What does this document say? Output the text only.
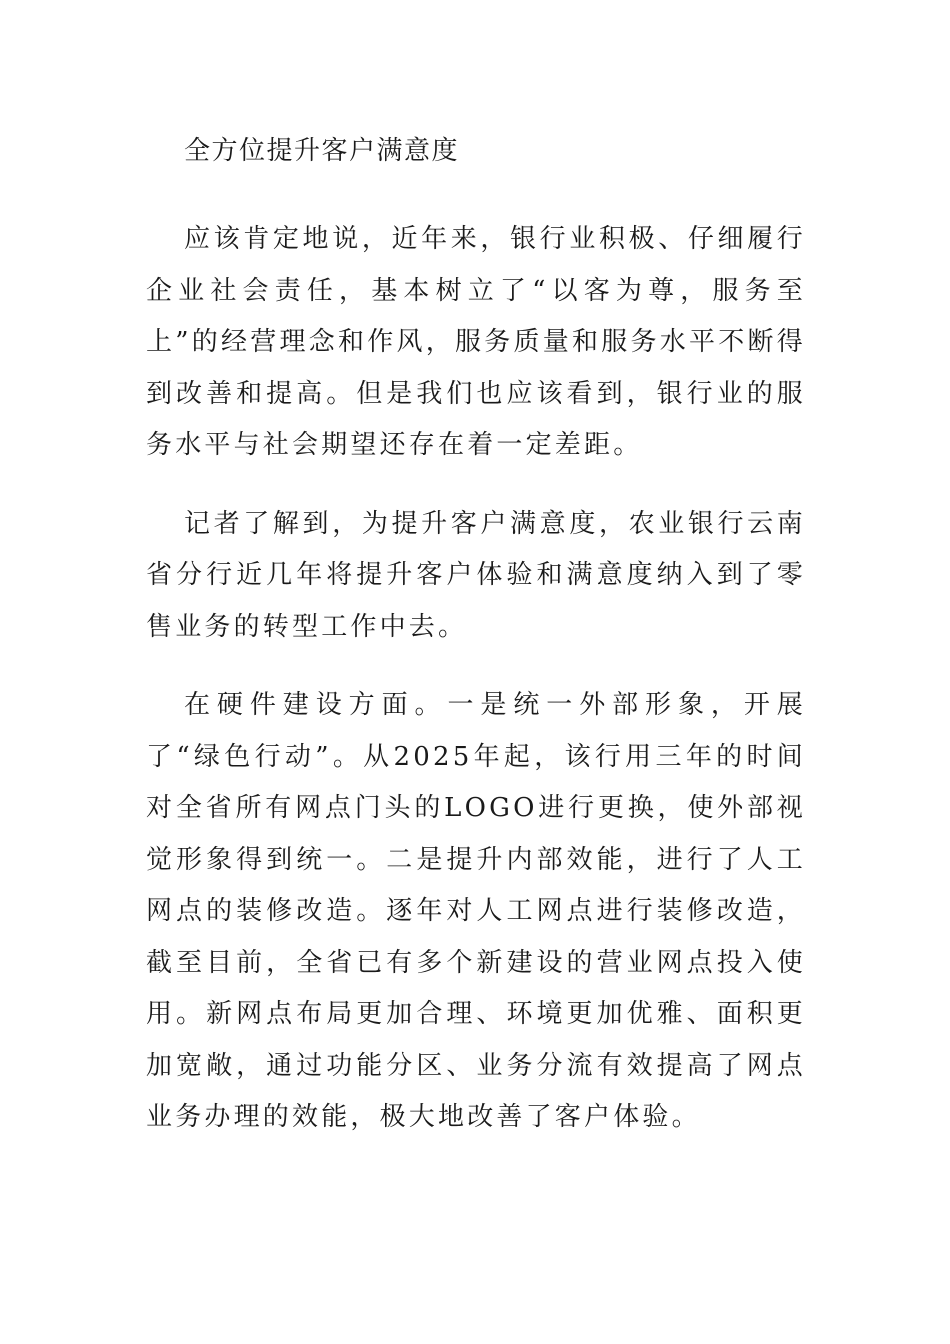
全方位提升客户满意度

应该肯定地说，近年来，银行业积极、仔细履行企业社会责任，基本树立了“以客为尊，服务至上”的经营理念和作风，服务质量和服务水平不断得到改善和提高。但是我们也应该看到，银行业的服务水平与社会期望还存在着一定差距。

记者了解到，为提升客户满意度，农业银行云南省分行近几年将提升客户体验和满意度纳入到了零售业务的转型工作中去。

在硬件建设方面。一是统一外部形象，开展了“绿色行动”。从2025年起，该行用三年的时间对全省所有网点门头的LOGO进行更换，使外部视觉形象得到统一。二是提升内部效能，进行了人工网点的装修改造。逐年对人工网点进行装修改造，截至目前，全省已有多个新建设的营业网点投入使用。新网点布局更加合理、环境更加优雅、面积更加宽敞，通过功能分区、业务分流有效提高了网点业务办理的效能，极大地改善了客户体验。
